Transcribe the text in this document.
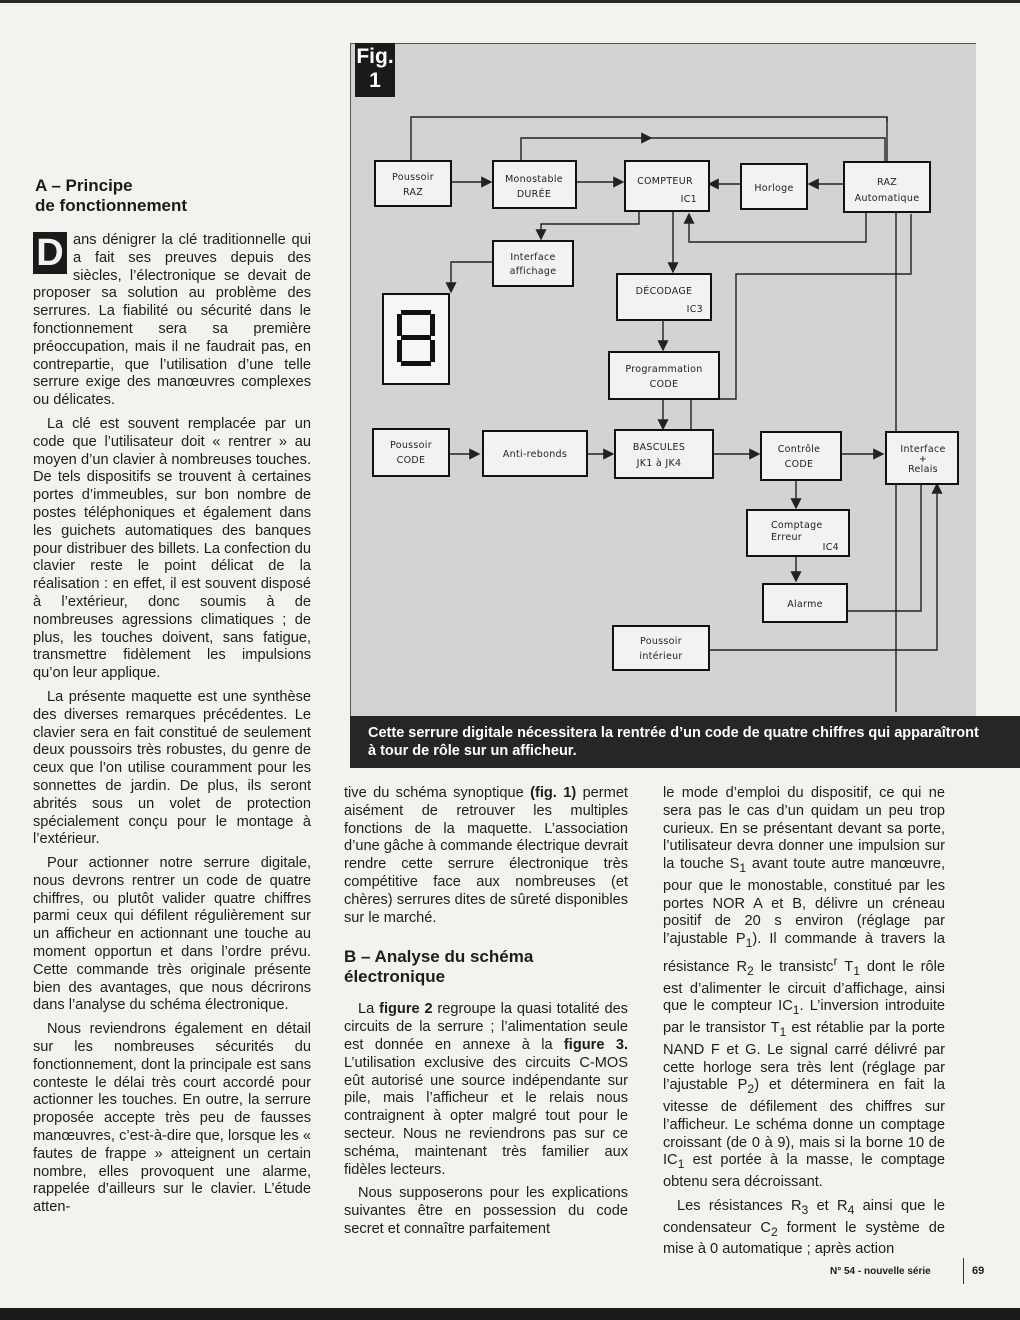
A – Principe
de fonctionnement
D ans dénigrer la clé traditionnelle qui a fait ses preuves depuis des siècles, l’électronique se devait de proposer sa solution au problème des serrures. La fiabilité ou sécurité dans le fonctionnement sera sa première préoccupation, mais il ne faudrait pas, en contrepartie, que l’utilisation d’une telle serrure exige des manœuvres complexes ou délicates.

La clé est souvent remplacée par un code que l’utilisateur doit « rentrer » au moyen d’un clavier à nombreuses touches. De tels dispositifs se trouvent à certaines portes d’immeubles, sur bon nombre de postes téléphoniques et également dans les guichets automatiques des banques pour distribuer des billets. La confection du clavier reste le point délicat de la réalisation : en effet, il est souvent disposé à l’extérieur, donc soumis à de nombreuses agressions climatiques ; de plus, les touches doivent, sans fatigue, transmettre fidèlement les impulsions qu’on leur applique.

La présente maquette est une synthèse des diverses remarques précédentes. Le clavier sera en fait constitué de seulement deux poussoirs très robustes, du genre de ceux que l’on utilise couramment pour les sonnettes de jardin. De plus, ils seront abrités sous un volet de protection spécialement conçu pour le montage à l’extérieur.

Pour actionner notre serrure digitale, nous devrons rentrer un code de quatre chiffres, ou plutôt valider quatre chiffres parmi ceux qui défilent régulièrement sur un afficheur en actionnant une touche au moment opportun et dans l’ordre prévu. Cette commande très originale présente bien des avantages, que nous décrirons dans l’analyse du schéma électronique.

Nous reviendrons également en détail sur les nombreuses sécurités du fonctionnement, dont la principale est sans conteste le délai très court accordé pour actionner les touches. En outre, la serrure proposée accepte très peu de fausses manœuvres, c’est-à-dire que, lorsque les « fautes de frappe » atteignent un certain nombre, elles provoquent une alarme, rappelée d’ailleurs sur le clavier. L’étude atten-

Poussoir
RAZ
Monostable
DURÉE
COMPTEUR
IC1
Horloge
RAZ
Automatique
Interface
affichage
DÉCODAGE
IC3
Programmation
CODE
Poussoir
CODE
Anti-rebonds
BASCULES
JK1 à JK4
Contrôle
CODE
Interface
+
Relais
Comptage
Erreur
IC4
Alarme
Poussoir
intérieur
Fig.
1
Cette serrure digitale nécessitera la rentrée d’un code de quatre chiffres qui apparaîtront à tour de rôle sur un afficheur.

tive du schéma synoptique (fig. 1) permet aisément de retrouver les multiples fonctions de la maquette. L’association d’une gâche à commande électrique devrait rendre cette serrure électronique très compétitive face aux nombreuses (et chères) serrures dites de sûreté disponibles sur le marché.

B – Analyse du schéma électronique

La figure 2 regroupe la quasi totalité des circuits de la serrure ; l’alimentation seule est donnée en annexe à la figure 3. L’utilisation exclusive des circuits C-MOS eût autorisé une source indépendante sur pile, mais l’afficheur et le relais nous contraignent à opter malgré tout pour le secteur. Nous ne reviendrons pas sur ce schéma, maintenant très familier aux fidèles lecteurs.

Nous supposerons pour les explications suivantes être en possession du code secret et connaître parfaitement

le mode d’emploi du dispositif, ce qui ne sera pas le cas d’un quidam un peu trop curieux. En se présentant devant sa porte, l’utilisateur devra donner une impulsion sur la touche $S_1$ avant toute autre manœuvre, pour que le monostable, constitué par les portes NOR A et B, délivre un créneau positif de 20 s environ (réglage par l’ajustable $P_1$). Il commande à travers la résistance $R_2$ le transistc$^r$ $T_1$ dont le rôle est d’alimenter le circuit d’affichage, ainsi que le compteur $IC_1$. L’inversion introduite par le transistor $T_1$ est rétablie par la porte NAND F et G. Le signal carré délivré par cette horloge sera très lent (réglage par l’ajustable $P_2$) et déterminera en fait la vitesse de défilement des chiffres sur l’afficheur. Le schéma donne un comptage croissant (de 0 à 9), mais si la borne 10 de $IC_1$ est portée à la masse, le comptage obtenu sera décroissant.

Les résistances $R_3$ et $R_4$ ainsi que le condensateur $C_2$ forment le système de mise à 0 automatique ; après action

N° 54 - nouvelle série	69
